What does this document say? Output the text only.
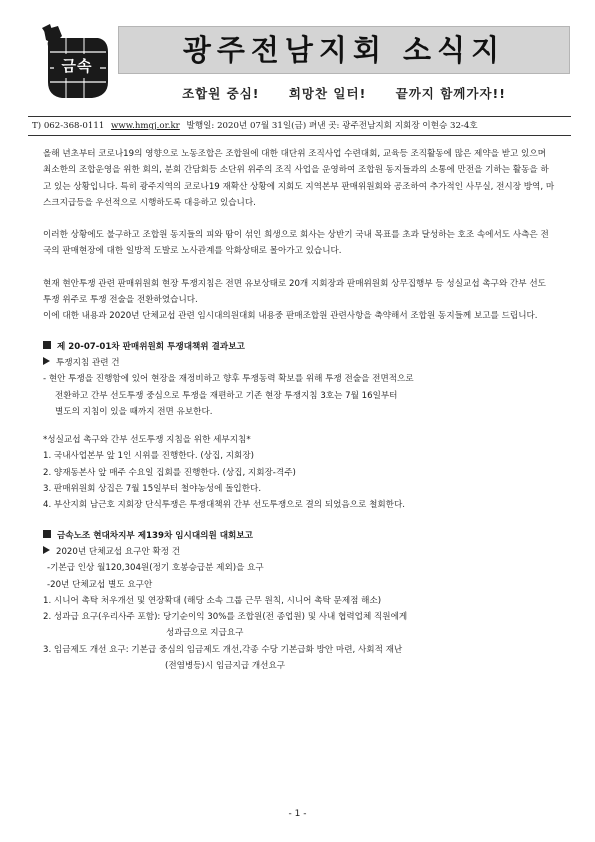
금속	광주전남지회 소식지
조합원 중심! 희망찬 일터! 끝까지 함께가자!!
T) 062-368-0111 www.hmgj.or.kr 발행일: 2020년 07월 31일(금) 펴낸 곳: 광주전남지회 지회장 이현승 32-4호

올해 년초부터 코로나19의 영향으로 노동조합은 조합원에 대한 대단위 조직사업 수련대회, 교육등 조직활동에 많은 제약을 받고 있으며 최소한의 조합운영을 위한 회의, 분회 간담회등 소단위 위주의 조직 사업을 운영하여 조합원 동지들과의 소통에 만전을 기하는 활동을 하고 있는 상황입니다. 특히 광주지역의 코로나19 재확산 상황에 지회도 지역본부 판매위원회와 공조하여 추가적인 사무실, 전시장 방역, 마스크지급등을 우선적으로 시행하도록 대응하고 있습니다.

이러한 상황에도 불구하고 조합원 동지들의 피와 땀이 섞인 희생으로 회사는 상반기 국내 목표를 초과 달성하는 호조 속에서도 사측은 전국의 판매현장에 대한 일방적 도발로 노사관계를 악화상태로 몰아가고 있습니다.

현재 현안투쟁 관련 판매위원회 현장 투쟁지침은 전면 유보상태로 20개 지회장과 판매위원회 상무집행부 등 성실교섭 촉구와 간부 선도 투쟁 위주로 투쟁 전술을 전환하였습니다.

이에 대한 내용과 2020년 단체교섭 관련 임시대의원대회 내용중 판매조합원 관련사항을 축약해서 조합원 동지들께 보고를 드립니다.

제 20-07-01차 판매위원회 투쟁대책위 결과보고
투쟁지침 관련 건
- 현안 투쟁을 진행함에 있어 현장을 재정비하고 향후 투쟁동력 확보를 위해 투쟁 전술을 전면적으로
전환하고 간부 선도투쟁 중심으로 투쟁을 재편하고 기존 현장 투쟁지침 3호는 7월 16일부터
별도의 지침이 있을 때까지 전면 유보한다.
*성실교섭 촉구와 간부 선도투쟁 지침을 위한 세부지침*
1. 국내사업본부 앞 1인 시위를 진행한다. (상집, 지회장)
2. 양재동본사 앞 매주 수요일 집회를 진행한다. (상집, 지회장-격주)
3. 판매위원회 상집은 7월 15일부터 철야농성에 돌입한다.
4. 부산지회 남근호 지회장 단식투쟁은 투쟁대책위 간부 선도투쟁으로 결의 되었음으로 철회한다.
금속노조 현대차지부 제139차 임시대의원 대회보고
2020년 단체교섭 요구안 확정 건
-기본급 인상 월120,304원(정기 호봉승급분 제외)을 요구
-20년 단체교섭 별도 요구안
1. 시니어 촉탁 처우개선 및 연장확대 (해당 소속 그룹 근무 원칙, 시니어 촉탁 문제점 해소)
2. 성과급 요구(우리사주 포함): 당기순이익 30%를 조합원(전 종업원) 및 사내 협력업체 직원에게
성과금으로 지급요구
3. 임금제도 개선 요구: 기본급 중심의 임금제도 개선,각종 수당 기본급화 방안 마련, 사회적 재난
(전염병등)시 임금지급 개선요구
- 1 -
